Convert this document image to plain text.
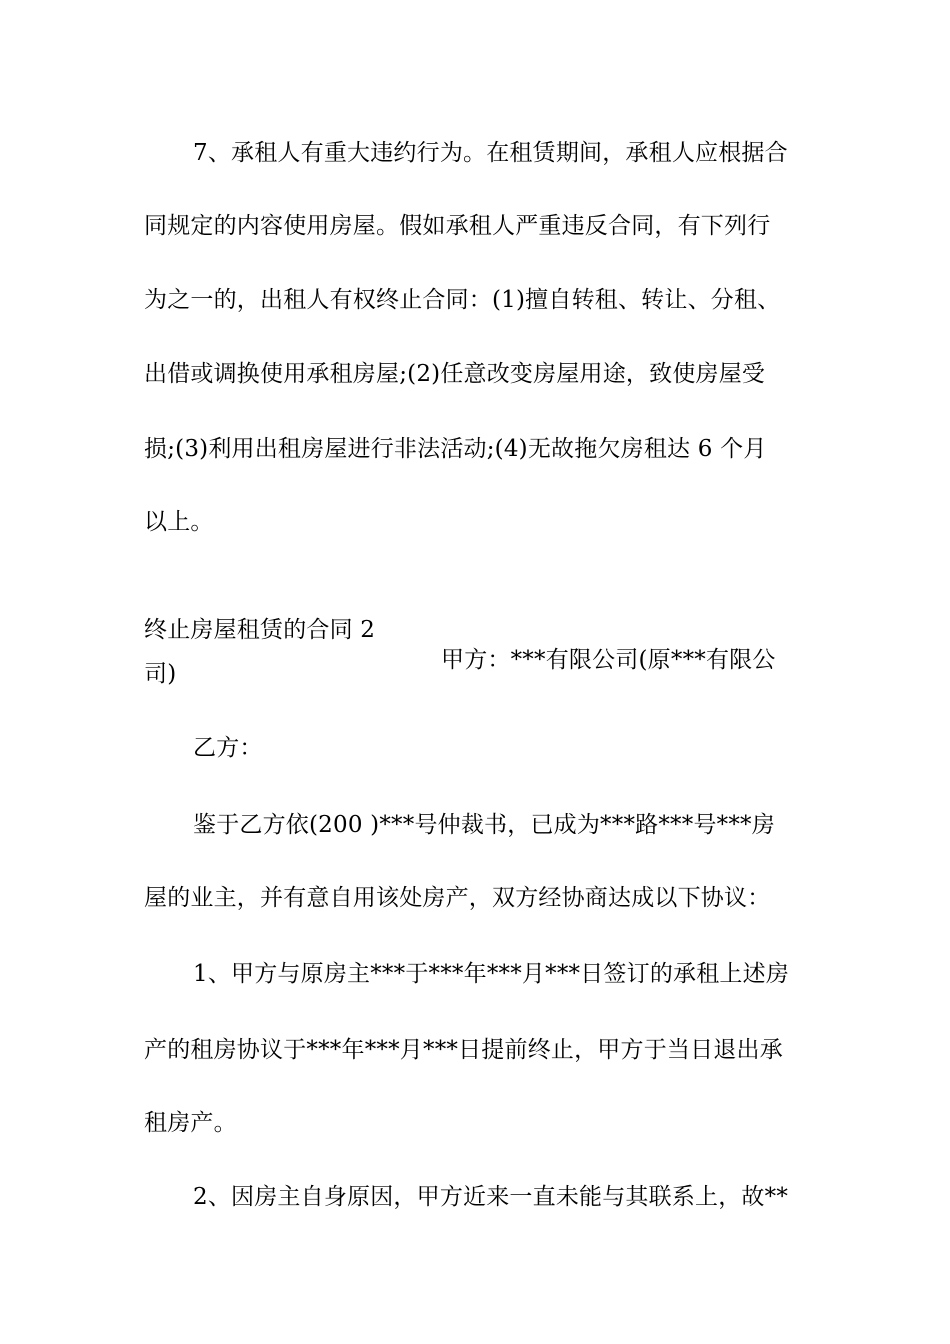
7、承租人有重大违约行为。在租赁期间，承租人应根据合
同规定的内容使用房屋。假如承租人严重违反合同，有下列行
为之一的，出租人有权终止合同：(1)擅自转租、转让、分租、
出借或调换使用承租房屋;(2)任意改变房屋用途，致使房屋受
损;(3)利用出租房屋进行非法活动;(4)无故拖欠房租达 6 个月
以上。

终止房屋租赁的合同 2

甲方：***有限公司(原***有限公

司)
乙方：
鉴于乙方依(200 )***号仲裁书，已成为***路***号***房
屋的业主，并有意自用该处房产，双方经协商达成以下协议：
1、甲方与原房主***于***年***月***日签订的承租上述房
产的租房协议于***年***月***日提前终止，甲方于当日退出承
租房产。
2、因房主自身原因，甲方近来一直未能与其联系上，故**
